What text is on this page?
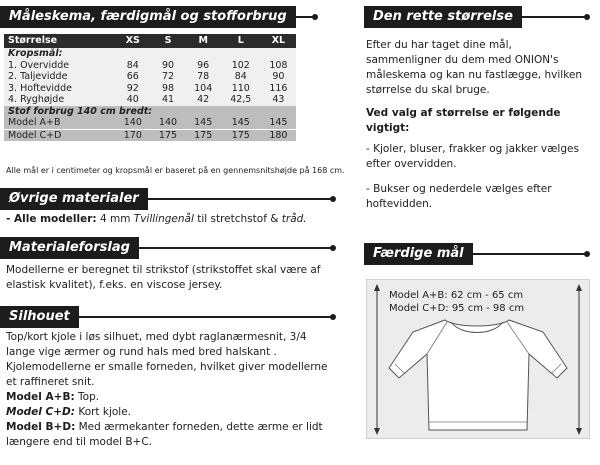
Måleskema, færdigmål og stofforbrug
Størrelse	XS	S	M	L	XL
Kropsmål:					
1. Overvidde	84	90	96	102	108
2. Taljevidde	66	72	78	84	90
3. Hoftevidde	92	98	104	110	116
4. Ryghøjde	40	41	42	42,5	43
Stof forbrug 140 cm bredt:					
Model A+B	140	140	145	145	145
Model C+D	170	175	175	175	180
Alle mål er i centimeter og kropsmål er baseret på en gennemsnitshøjde på 168 cm.
Øvrige materialer
- Alle modeller: 4 mm Tvillingenål til stretchstof & tråd.
Materialeforslag
Modellerne er beregnet til strikstof (strikstoffet skal være af elastisk kvalitet), f.eks. en viscose jersey.
Silhouet
Top/kort kjole i løs silhuet, med dybt raglanærmesnit, 3/4 lange vige ærmer og rund hals med bred halskant . Kjolemodellerne er smalle forneden, hvilket giver modellerne et raffineret snit.
Model A+B: Top.
Model C+D: Kort kjole.
Model B+D: Med ærmekanter forneden, dette ærme er lidt længere end til model B+C.
Den rette størrelse
Efter du har taget dine mål, sammenligner du dem med ONION's måleskema og kan nu fastlægge, hvilken størrelse du skal bruge.
Ved valg af størrelse er følgende vigtigt:
- Kjoler, bluser, frakker og jakker vælges efter overvidden.
- Bukser og nederdele vælges efter hoftevidden.
Færdige mål
Model A+B: 62 cm - 65 cm
Model C+D: 95 cm - 98 cm
